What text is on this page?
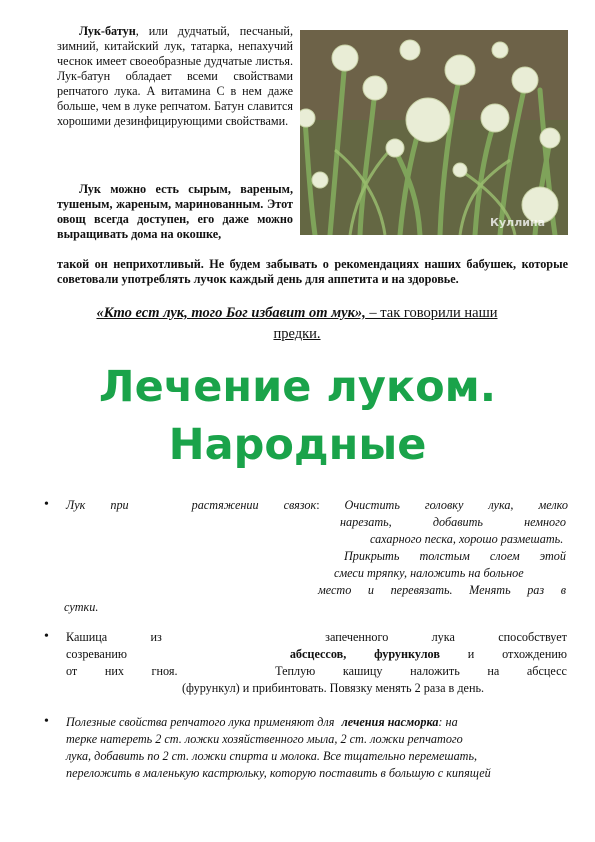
Лук-батун, или дудчатый, песчаный, зимний, китайский лук, татарка, непахучий чеснок имеет своеобразные дудчатые листья. Лук-батун обладает всеми свойствами репчатого лука. А витамина С в нем даже больше, чем в луке репчатом. Батун славится хорошими дезинфицирующими свойствами.

Куллина

Лук можно есть сырым, вареным, тушеным, жареным, маринованным. Этот овощ всегда доступен, его даже можно выращивать дома на окошке,

такой он неприхотливый. Не будем забывать о рекомендациях наших бабушек, которые советовали употреблять лучок каждый день для аппетита и на здоровье.

«Кто ест лук, того Бог избавит от мук», – так говорили наши
предки.

Лечение луком.
Народные
• Лук при	растяжении связок: Очистить головку лука, мелко
нарезать,	добавить	немного
сахарного песка, хорошо размешать.
Прикрыть толстым слоем этой
смеси тряпку, наложить на больное
место и перевязать. Менять раз в
сутки.
• Кашица	из	запеченного	лука	способствует
созреванию	абсцессов, фурункулов и отхождению
от них гноя.	Теплую кашицу наложить на абсцесс
(фурункул) и прибинтовать. Повязку менять 2 раза в день.
• Полезные свойства репчатого лука применяют для лечения насморка: на
терке натереть 2 ст. ложки хозяйственного мыла, 2 ст. ложки репчатого
лука, добавить по 2 ст. ложки спирта и молока. Все тщательно перемешать,
переложить в маленькую кастрюльку, которую поставить в большую с кипящей
